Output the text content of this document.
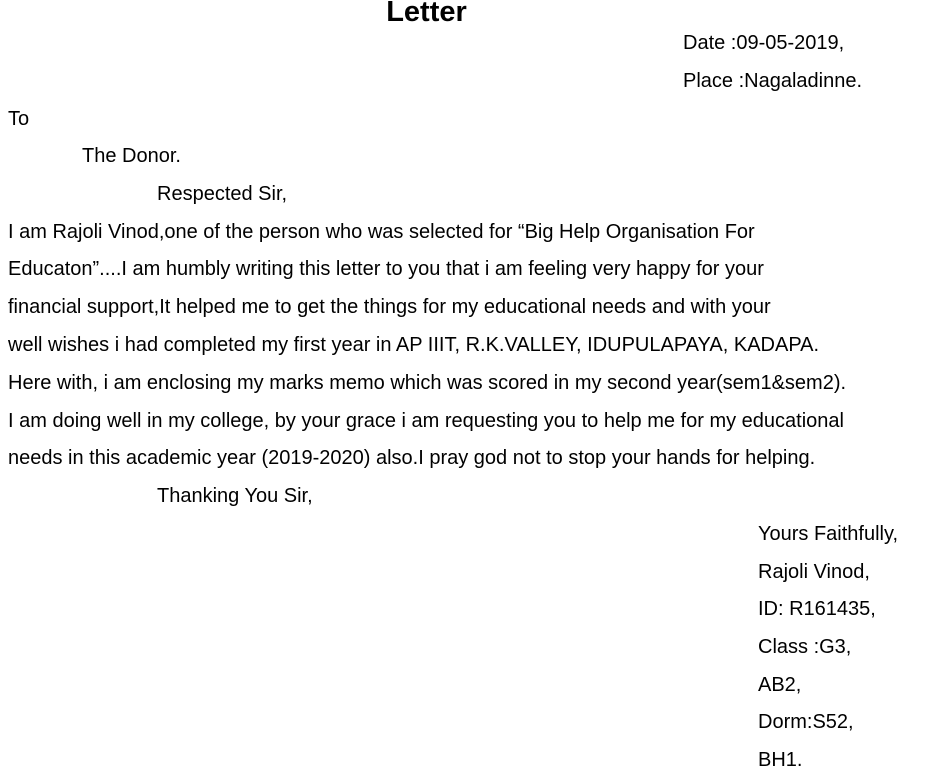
Letter
Date :09-05-2019,
Place :Nagaladinne.
To
The Donor.
Respected Sir,
I am Rajoli Vinod,one of the person who was selected for “Big Help Organisation For
Educaton”....I am humbly writing this letter to you that i am feeling very happy for your
financial support,It helped me to get the things for my educational needs and with your
well wishes i had completed my first year in AP IIIT, R.K.VALLEY, IDUPULAPAYA, KADAPA.
Here with, i am enclosing my marks memo which was scored in my second year(sem1&sem2).
I am doing well in my college, by your grace i am requesting you to help me for my educational
needs in this academic year (2019-2020) also.I pray god not to stop your hands for helping.
Thanking You Sir,
Yours Faithfully,
Rajoli Vinod,
ID: R161435,
Class :G3,
AB2,
Dorm:S52,
BH1.
